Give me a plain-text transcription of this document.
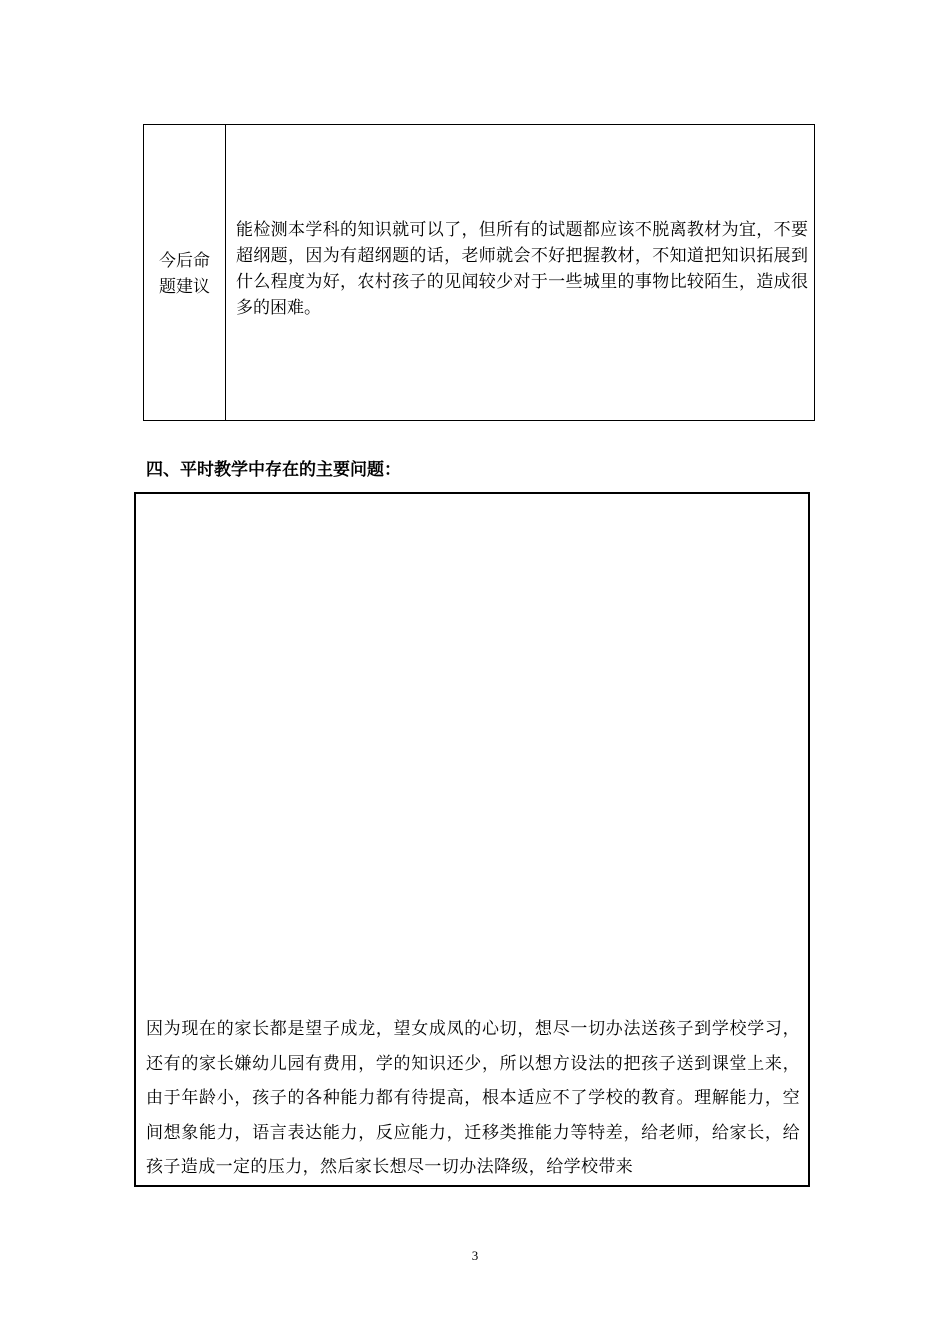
今后命题建议
能检测本学科的知识就可以了，但所有的试题都应该不脱离教材为宜，不要超纲题，因为有超纲题的话，老师就会不好把握教材，不知道把知识拓展到什么程度为好，农村孩子的见闻较少对于一些城里的事物比较陌生，造成很多的困难。
四、平时教学中存在的主要问题：
因为现在的家长都是望子成龙，望女成凤的心切，想尽一切办法送孩子到学校学习，还有的家长嫌幼儿园有费用，学的知识还少，所以想方设法的把孩子送到课堂上来，由于年龄小，孩子的各种能力都有待提高，根本适应不了学校的教育。理解能力，空间想象能力，语言表达能力，反应能力，迁移类推能力等特差，给老师，给家长，给孩子造成一定的压力，然后家长想尽一切办法降级，给学校带来
3
